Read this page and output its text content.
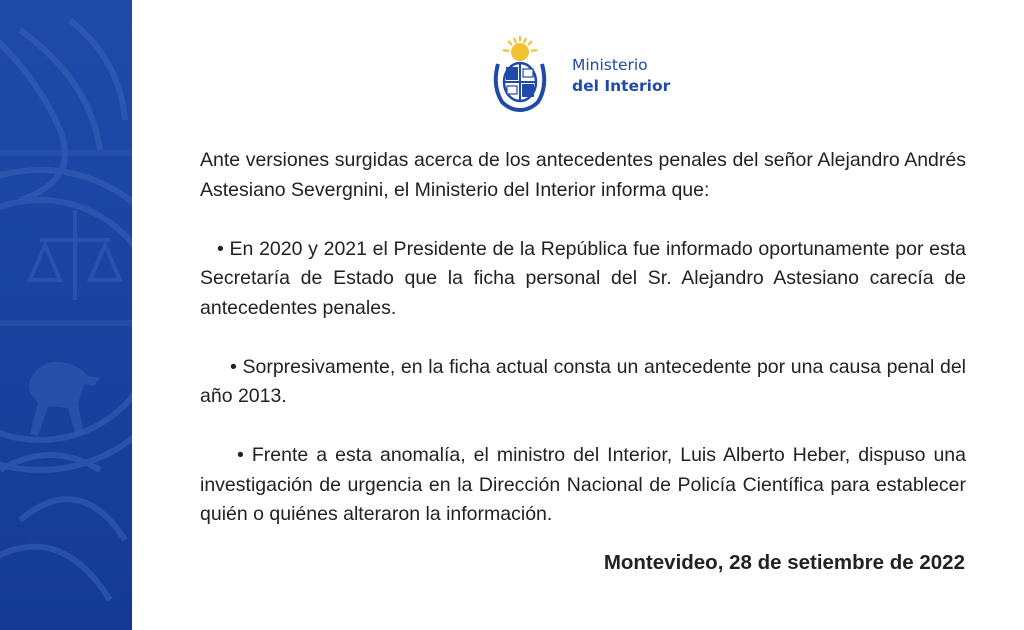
Ministerio
del Interior

Ante versiones surgidas acerca de los antecedentes penales del señor Alejandro Andrés Astesiano Severgnini, el Ministerio del Interior informa que:

• En 2020 y 2021 el Presidente de la República fue informado oportunamente por esta Secretaría de Estado que la ficha personal del Sr. Alejandro Astesiano carecía de antecedentes penales.

• Sorpresivamente, en la ficha actual consta un antecedente por una causa penal del año 2013.

• Frente a esta anomalía, el ministro del Interior, Luis Alberto Heber, dispuso una investigación de urgencia en la Dirección Nacional de Policía Científica para establecer quién o quiénes alteraron la información.

Montevideo, 28 de setiembre de 2022
